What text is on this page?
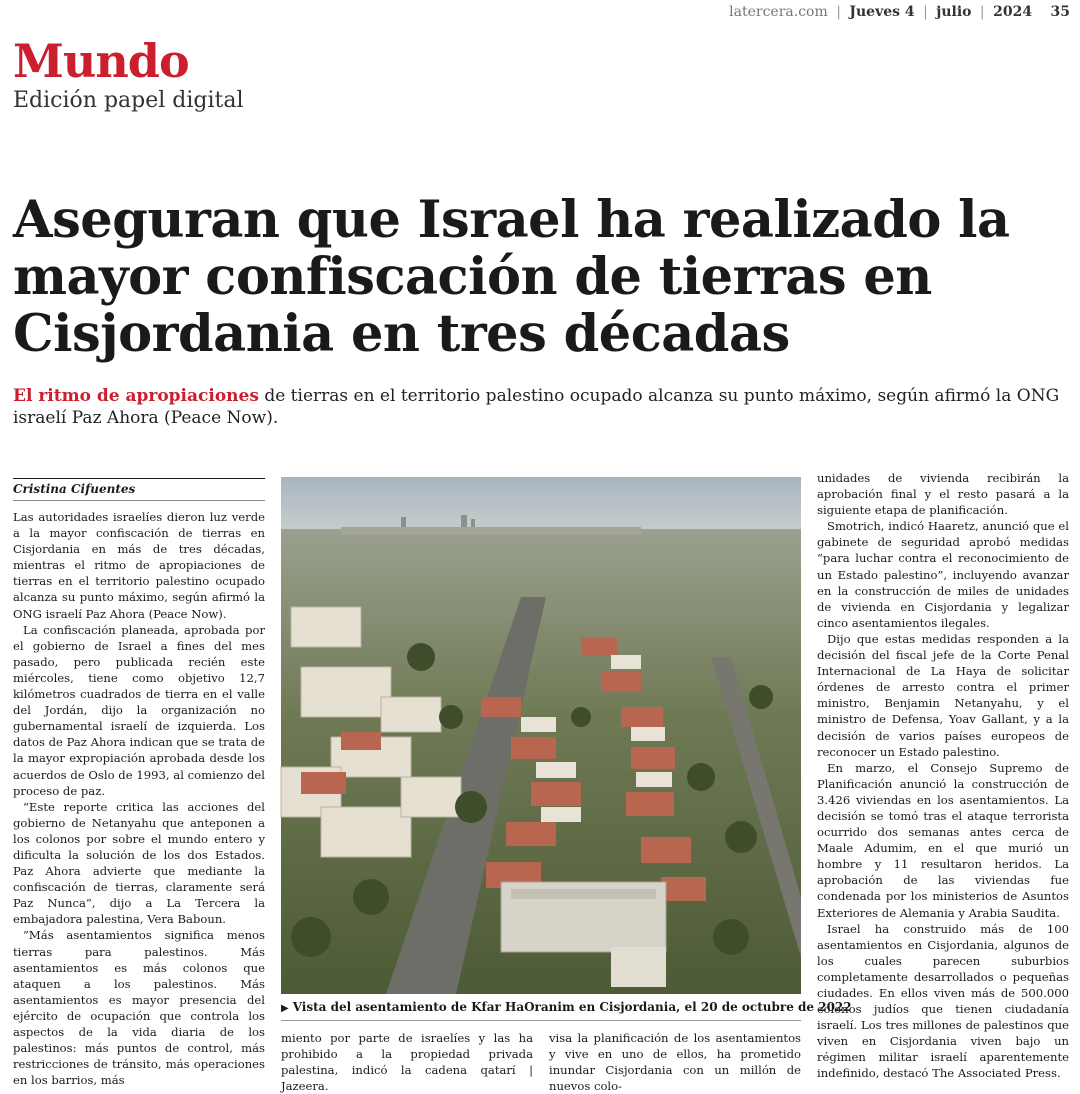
latercera.com | Jueves 4 | julio | 2024 35
Mundo
Edición papel digital
Aseguran que Israel ha realizado la mayor confiscación de tierras en Cisjordania en tres décadas
El ritmo de apropiaciones de tierras en el territorio palestino ocupado alcanza su punto máximo, según afirmó la ONG israelí Paz Ahora (Peace Now).
Cristina Cifuentes

Las autoridades israelíes dieron luz verde a la mayor confiscación de tierras en Cisjordania en más de tres décadas, mientras el ritmo de apropiaciones de tierras en el territorio palestino ocupado alcanza su punto máximo, según afirmó la ONG israelí Paz Ahora (Peace Now).

La confiscación planeada, aprobada por el gobierno de Israel a fines del mes pasado, pero publicada recién este miércoles, tiene como objetivo 12,7 kilómetros cuadrados de tierra en el valle del Jordán, dijo la organización no gubernamental israelí de izquierda. Los datos de Paz Ahora indican que se trata de la mayor expropiación aprobada desde los acuerdos de Oslo de 1993, al comienzo del proceso de paz.

“Este reporte critica las acciones del gobierno de Netanyahu que anteponen a los colonos por sobre el mundo entero y dificulta la solución de los dos Estados. Paz Ahora advierte que mediante la confiscación de tierras, claramente será Paz Nunca”, dijo a La Tercera la embajadora palestina, Vera Baboun.

”Más asentamientos significa menos tierras para palestinos. Más asentamientos es más colonos que ataquen a los palestinos. Más asentamientos es mayor presencia del ejército de ocupación que controla los aspectos de la vida diaria de los palestinos: más puntos de control, más restricciones de tránsito, más operaciones en los barrios, más

▶ Vista del asentamiento de Kfar HaOranim en Cisjordania, el 20 de octubre de 2022

miento por parte de israelíes y las ha prohibido a la propiedad privada palestina, indicó la cadena qatarí | Jazeera.

visa la planificación de los asentamientos y vive en uno de ellos, ha prometido inundar Cisjordania con un millón de nuevos colo-

unidades de vivienda recibirán la aprobación final y el resto pasará a la siguiente etapa de planificación.

Smotrich, indicó Haaretz, anunció que el gabinete de seguridad aprobó medidas “para luchar contra el reconocimiento de un Estado palestino”, incluyendo avanzar en la construcción de miles de unidades de vivienda en Cisjordania y legalizar cinco asentamientos ilegales.

Dijo que estas medidas responden a la decisión del fiscal jefe de la Corte Penal Internacional de La Haya de solicitar órdenes de arresto contra el primer ministro, Benjamin Netanyahu, y el ministro de Defensa, Yoav Gallant, y a la decisión de varios países europeos de reconocer un Estado palestino.

En marzo, el Consejo Supremo de Planificación anunció la construcción de 3.426 viviendas en los asentamientos. La decisión se tomó tras el ataque terrorista ocurrido dos semanas antes cerca de Maale Adumim, en el que murió un hombre y 11 resultaron heridos. La aprobación de las viviendas fue condenada por los ministerios de Asuntos Exteriores de Alemania y Arabia Saudita.

Israel ha construido más de 100 asentamientos en Cisjordania, algunos de los cuales parecen suburbios completamente desarrollados o pequeñas ciudades. En ellos viven más de 500.000 colonos judíos que tienen ciudadanía israelí. Los tres millones de palestinos que viven en Cisjordania viven bajo un régimen militar israelí aparentemente indefinido, destacó The Associated Press.
